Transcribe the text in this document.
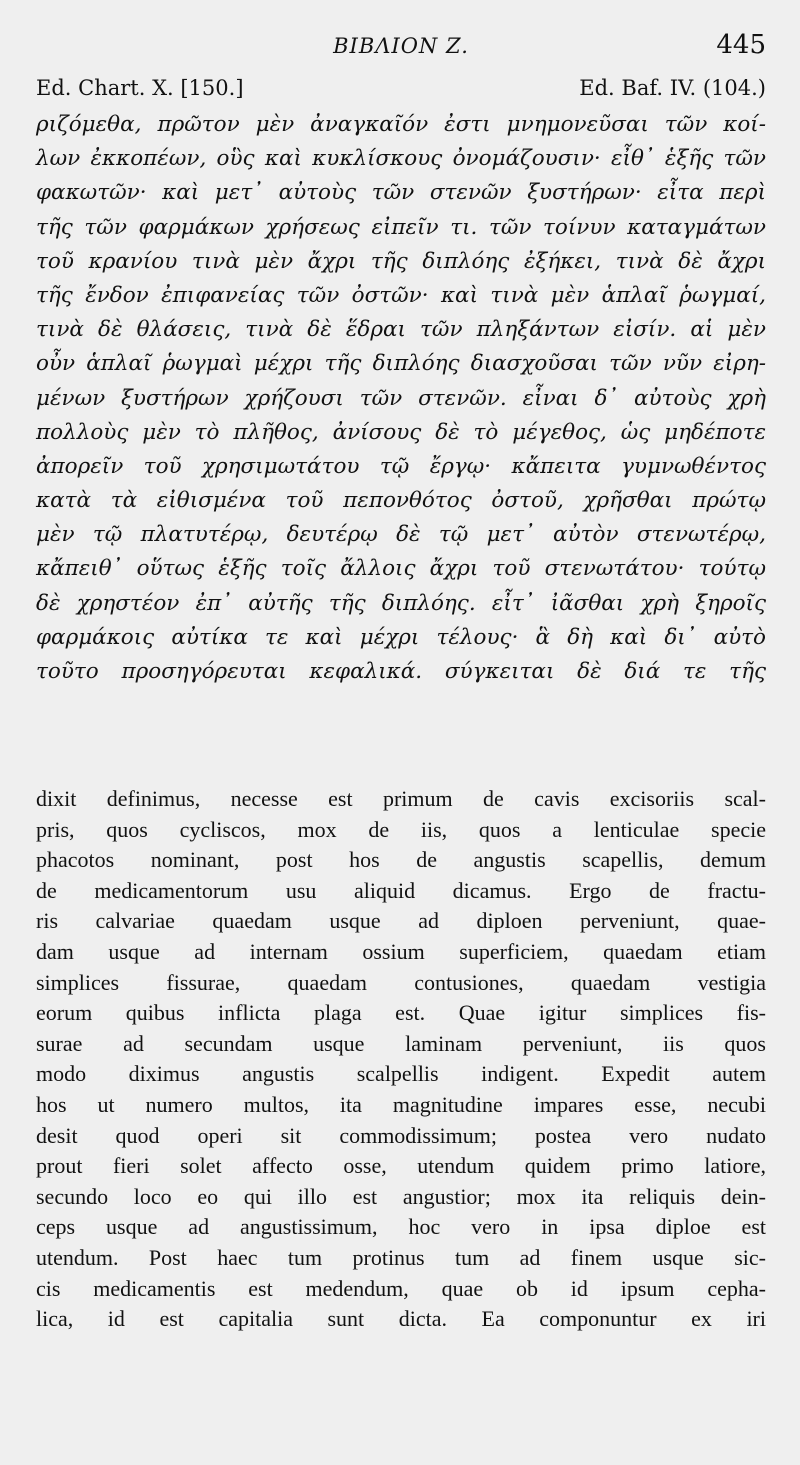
BIBΛΙΟΝ Z.	445
Ed. Chart. X. [150.]	Ed. Baf. IV. (104.)
ριζόμεθα, πρῶτον μὲν ἀναγκαῖόν ἐστι μνημονεῦσαι τῶν κοί-
λων ἐκκοπέων, οὓς καὶ κυκλίσκους ὀνομάζουσιν· εἶθ᾽ ἑξῆς τῶν
φακωτῶν· καὶ μετ᾽ αὐτοὺς τῶν στενῶν ξυστήρων· εἶτα περὶ
τῆς τῶν φαρμάκων χρήσεως εἰπεῖν τι. τῶν τοίνυν καταγμάτων
τοῦ κρανίου τινὰ μὲν ἄχρι τῆς διπλόης ἐξήκει, τινὰ δὲ ἄχρι
τῆς ἔνδον ἐπιφανείας τῶν ὀστῶν· καὶ τινὰ μὲν ἁπλαῖ ῥωγμαί,
τινὰ δὲ θλάσεις, τινὰ δὲ ἕδραι τῶν πληξάντων εἰσίν. αἱ μὲν
οὖν ἁπλαῖ ῥωγμαὶ μέχρι τῆς διπλόης διασχοῦσαι τῶν νῦν εἰρη-
μένων ξυστήρων χρήζουσι τῶν στενῶν. εἶναι δ᾽ αὐτοὺς χρὴ
πολλοὺς μὲν τὸ πλῆθος, ἀνίσους δὲ τὸ μέγεθος, ὡς μηδέποτε
ἀπορεῖν τοῦ χρησιμωτάτου τῷ ἔργῳ· κἄπειτα γυμνωθέντος
κατὰ τὰ εἰθισμένα τοῦ πεπονθότος ὀστοῦ, χρῆσθαι πρώτῳ
μὲν τῷ πλατυτέρῳ, δευτέρῳ δὲ τῷ μετ᾽ αὐτὸν στενωτέρῳ,
κἄπειθ᾽ οὕτως ἑξῆς τοῖς ἄλλοις ἄχρι τοῦ στενωτάτου· τούτῳ
δὲ χρηστέον ἐπ᾽ αὐτῆς τῆς διπλόης. εἶτ᾽ ἰᾶσθαι χρὴ ξηροῖς
φαρμάκοις αὐτίκα τε καὶ μέχρι τέλους· ἃ δὴ καὶ δι᾽ αὐτὸ
τοῦτο προσηγόρευται κεφαλικά. σύγκειται δὲ διά τε τῆς
dixit definimus, necesse est primum de cavis excisoriis scal-
pris, quos cycliscos, mox de iis, quos a lenticulae specie
phacotos nominant, post hos de angustis scapellis, demum
de medicamentorum usu aliquid dicamus. Ergo de fractu-
ris calvariae quaedam usque ad diploen perveniunt, quae-
dam usque ad internam ossium superficiem, quaedam etiam
simplices fissurae, quaedam contusiones, quaedam vestigia
eorum quibus inflicta plaga est. Quae igitur simplices fis-
surae ad secundam usque laminam perveniunt, iis quos
modo diximus angustis scalpellis indigent. Expedit autem
hos ut numero multos, ita magnitudine impares esse, necubi
desit quod operi sit commodissimum; postea vero nudato
prout fieri solet affecto osse, utendum quidem primo latiore,
secundo loco eo qui illo est angustior; mox ita reliquis dein-
ceps usque ad angustissimum, hoc vero in ipsa diploe est
utendum. Post haec tum protinus tum ad finem usque sic-
cis medicamentis est medendum, quae ob id ipsum cepha-
lica, id est capitalia sunt dicta. Ea componuntur ex iri
